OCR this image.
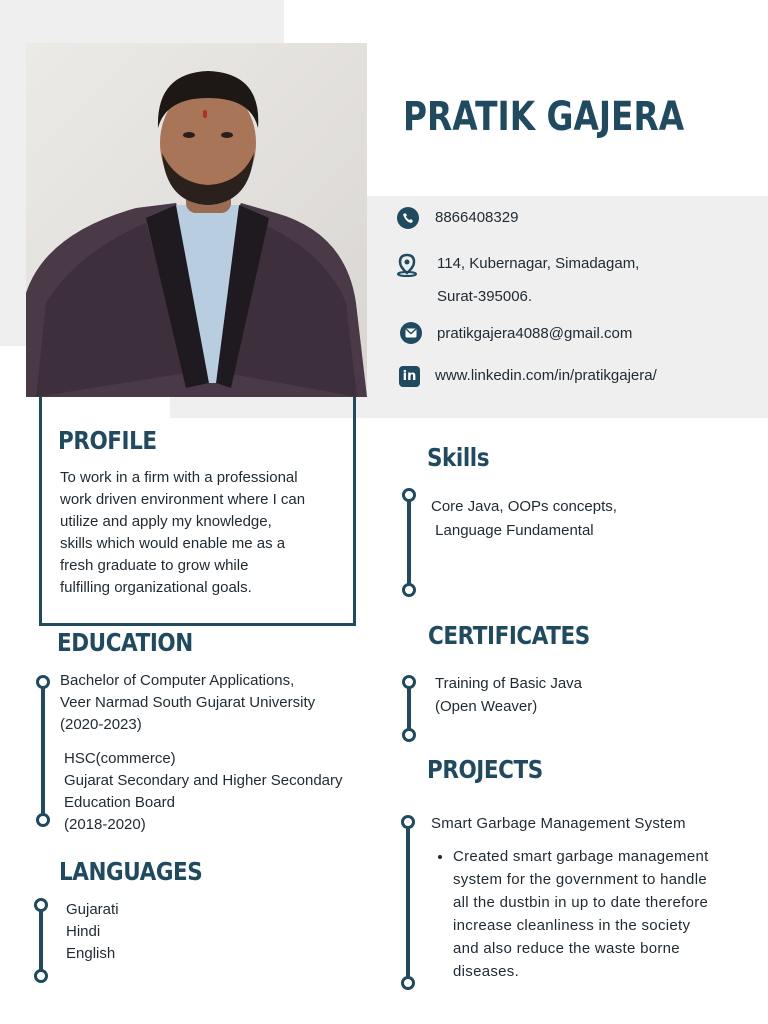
PRATIK GAJERA
8866408329
114, Kubernagar, Simadagam,
Surat-395006.
pratikgajera4088@gmail.com
in www.linkedin.com/in/pratikgajera/
PROFILE
To work in a firm with a professional
work driven environment where I can
utilize and apply my knowledge,
skills which would enable me as a
fresh graduate to grow while
fulfilling organizational goals.
EDUCATION
Bachelor of Computer Applications,
Veer Narmad South Gujarat University
(2020-2023)
HSC(commerce)
Gujarat Secondary and Higher Secondary
Education Board
(2018-2020)
LANGUAGES
Gujarati
Hindi
English
Skills
Core Java, OOPs concepts,
Language Fundamental
CERTIFICATES
Training of Basic Java
(Open Weaver)
PROJECTS
Smart Garbage Management System
• Created smart garbage management
system for the government to handle
all the dustbin in up to date therefore
increase cleanliness in the society
and also reduce the waste borne
diseases.
